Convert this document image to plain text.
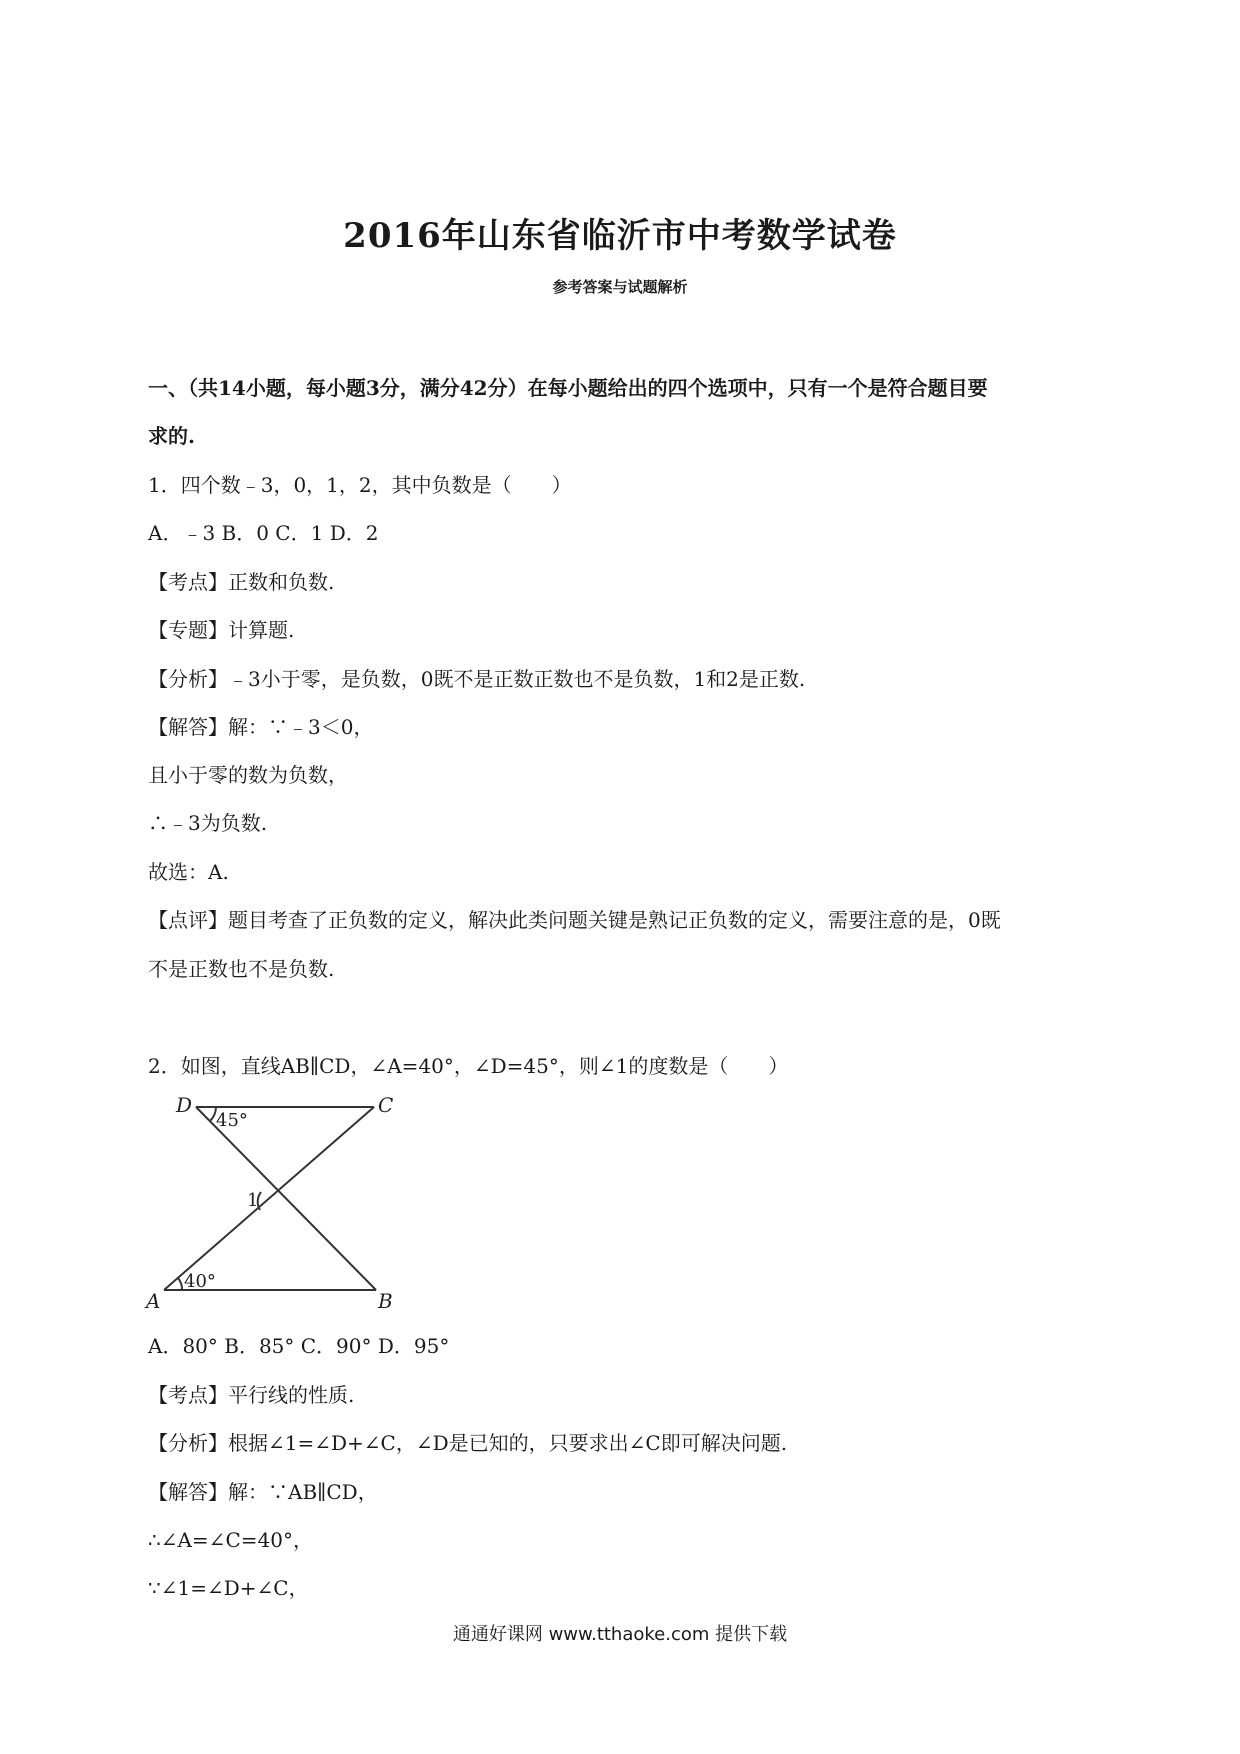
2016年山东省临沂市中考数学试卷
参考答案与试题解析
一、（共14小题，每小题3分，满分42分）在每小题给出的四个选项中，只有一个是符合题目要
求的.
1．四个数﹣3，0，1，2，其中负数是（　　）
A．﹣3 B．0 C．1 D．2
【考点】正数和负数.
【专题】计算题.
【分析】﹣3小于零，是负数，0既不是正数正数也不是负数，1和2是正数.
【解答】解：∵﹣3＜0，
且小于零的数为负数，
∴﹣3为负数.
故选：A.
【点评】题目考查了正负数的定义，解决此类问题关键是熟记正负数的定义，需要注意的是，0既
不是正数也不是负数.
2．如图，直线AB∥CD，∠A=40°，∠D=45°，则∠1的度数是（　　）
D	C
A	B
45°
40°
1
A．80° B．85° C．90° D．95°
【考点】平行线的性质.
【分析】根据∠1=∠D+∠C，∠D是已知的，只要求出∠C即可解决问题.
【解答】解：∵AB∥CD，
∴∠A=∠C=40°，
∵∠1=∠D+∠C，
通通好课网 www.tthaoke.com 提供下载
